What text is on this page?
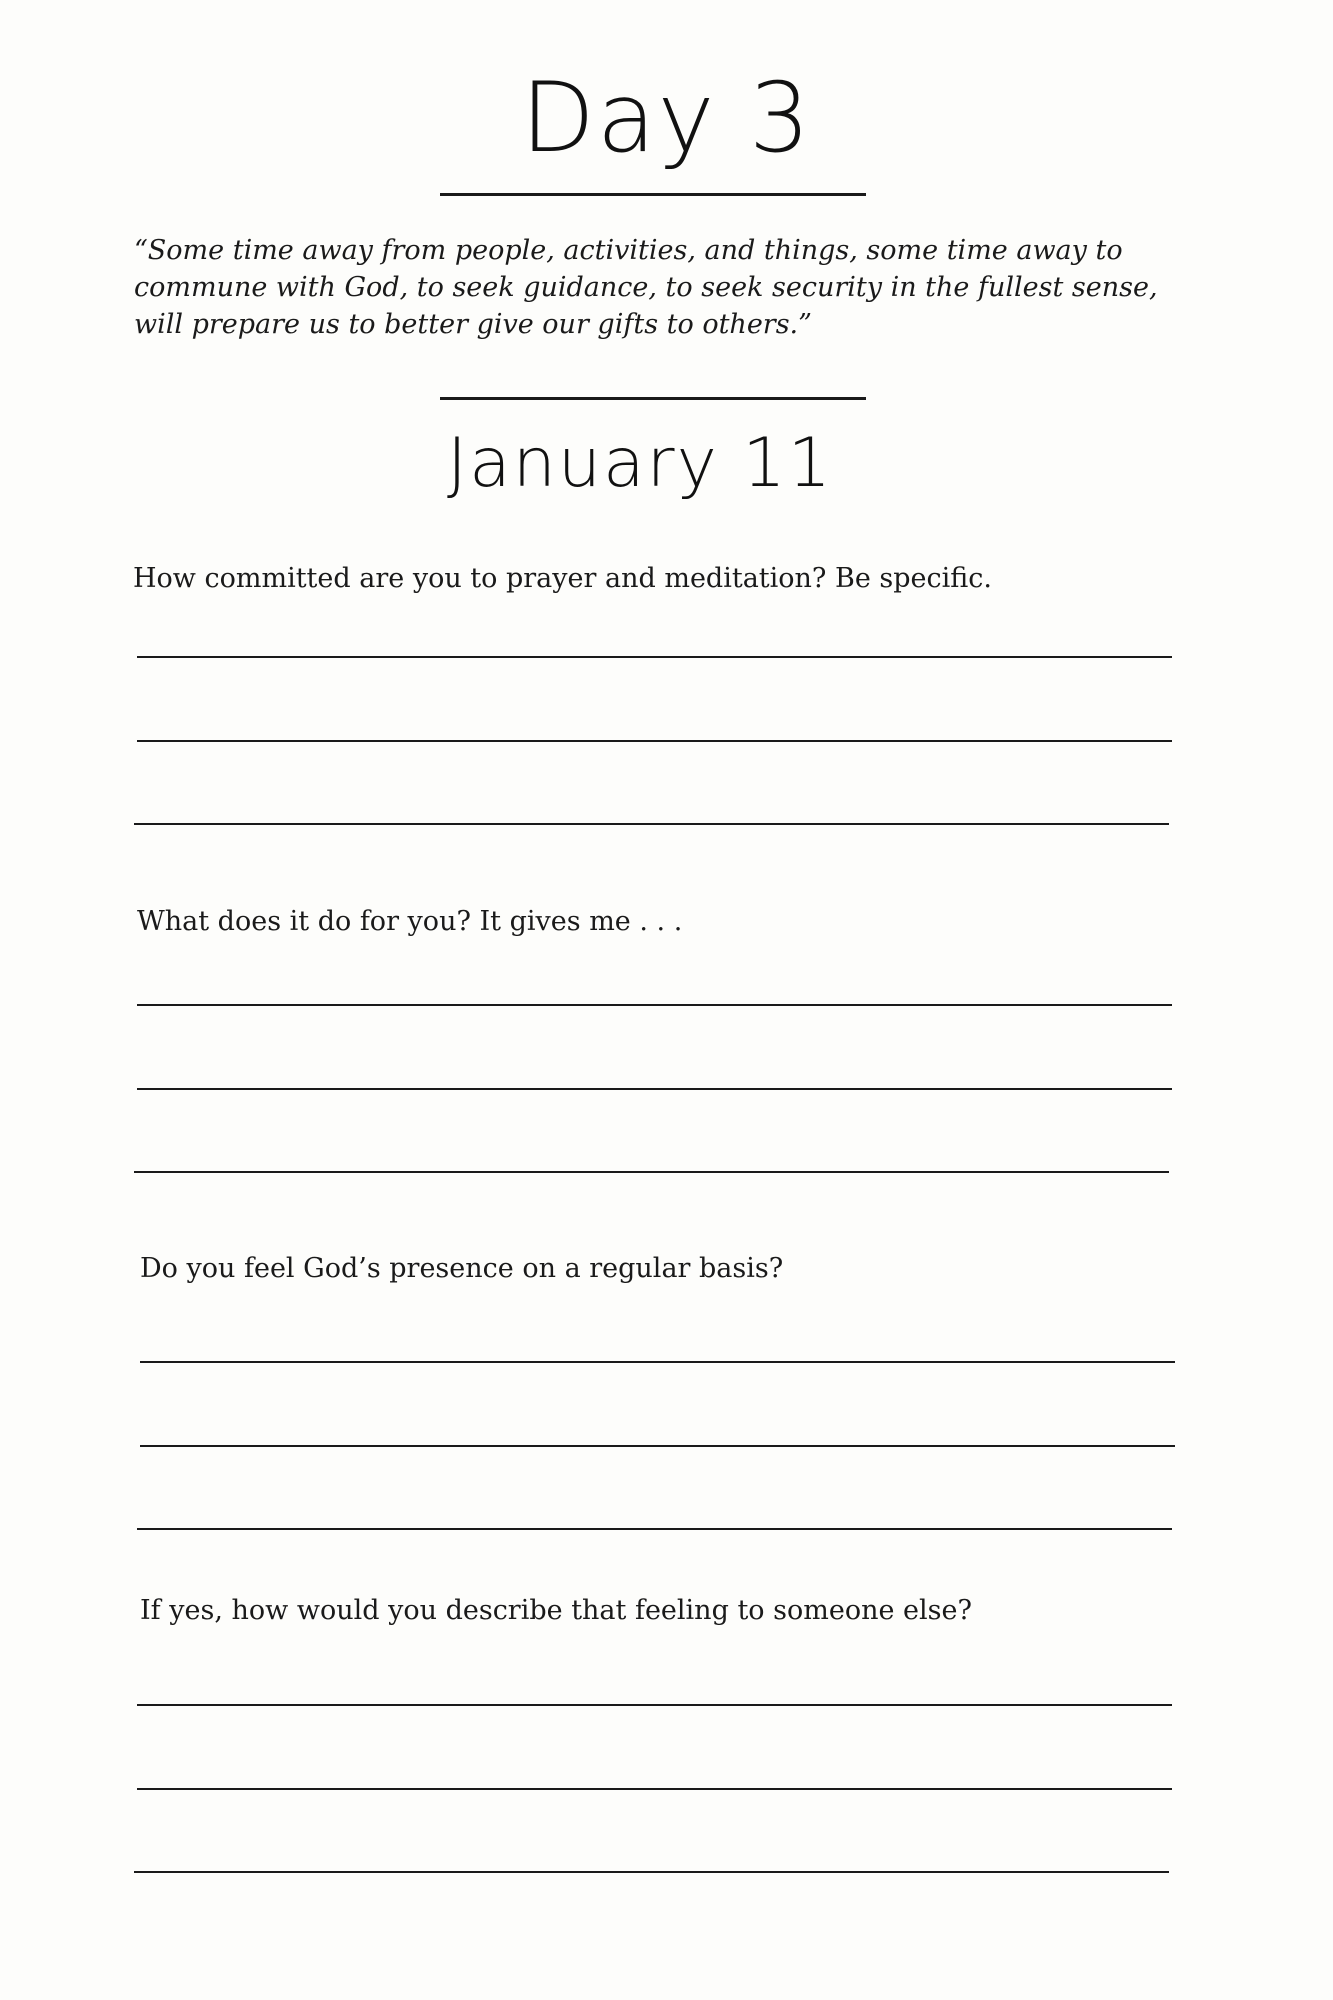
Day 3
“Some time away from people, activities, and things, some time away to
commune with God, to seek guidance, to seek security in the fullest sense,
will prepare us to better give our gifts to others.”
January 11
How committed are you to prayer and meditation? Be specific.
What does it do for you? It gives me . . .
Do you feel God’s presence on a regular basis?
If yes, how would you describe that feeling to someone else?
